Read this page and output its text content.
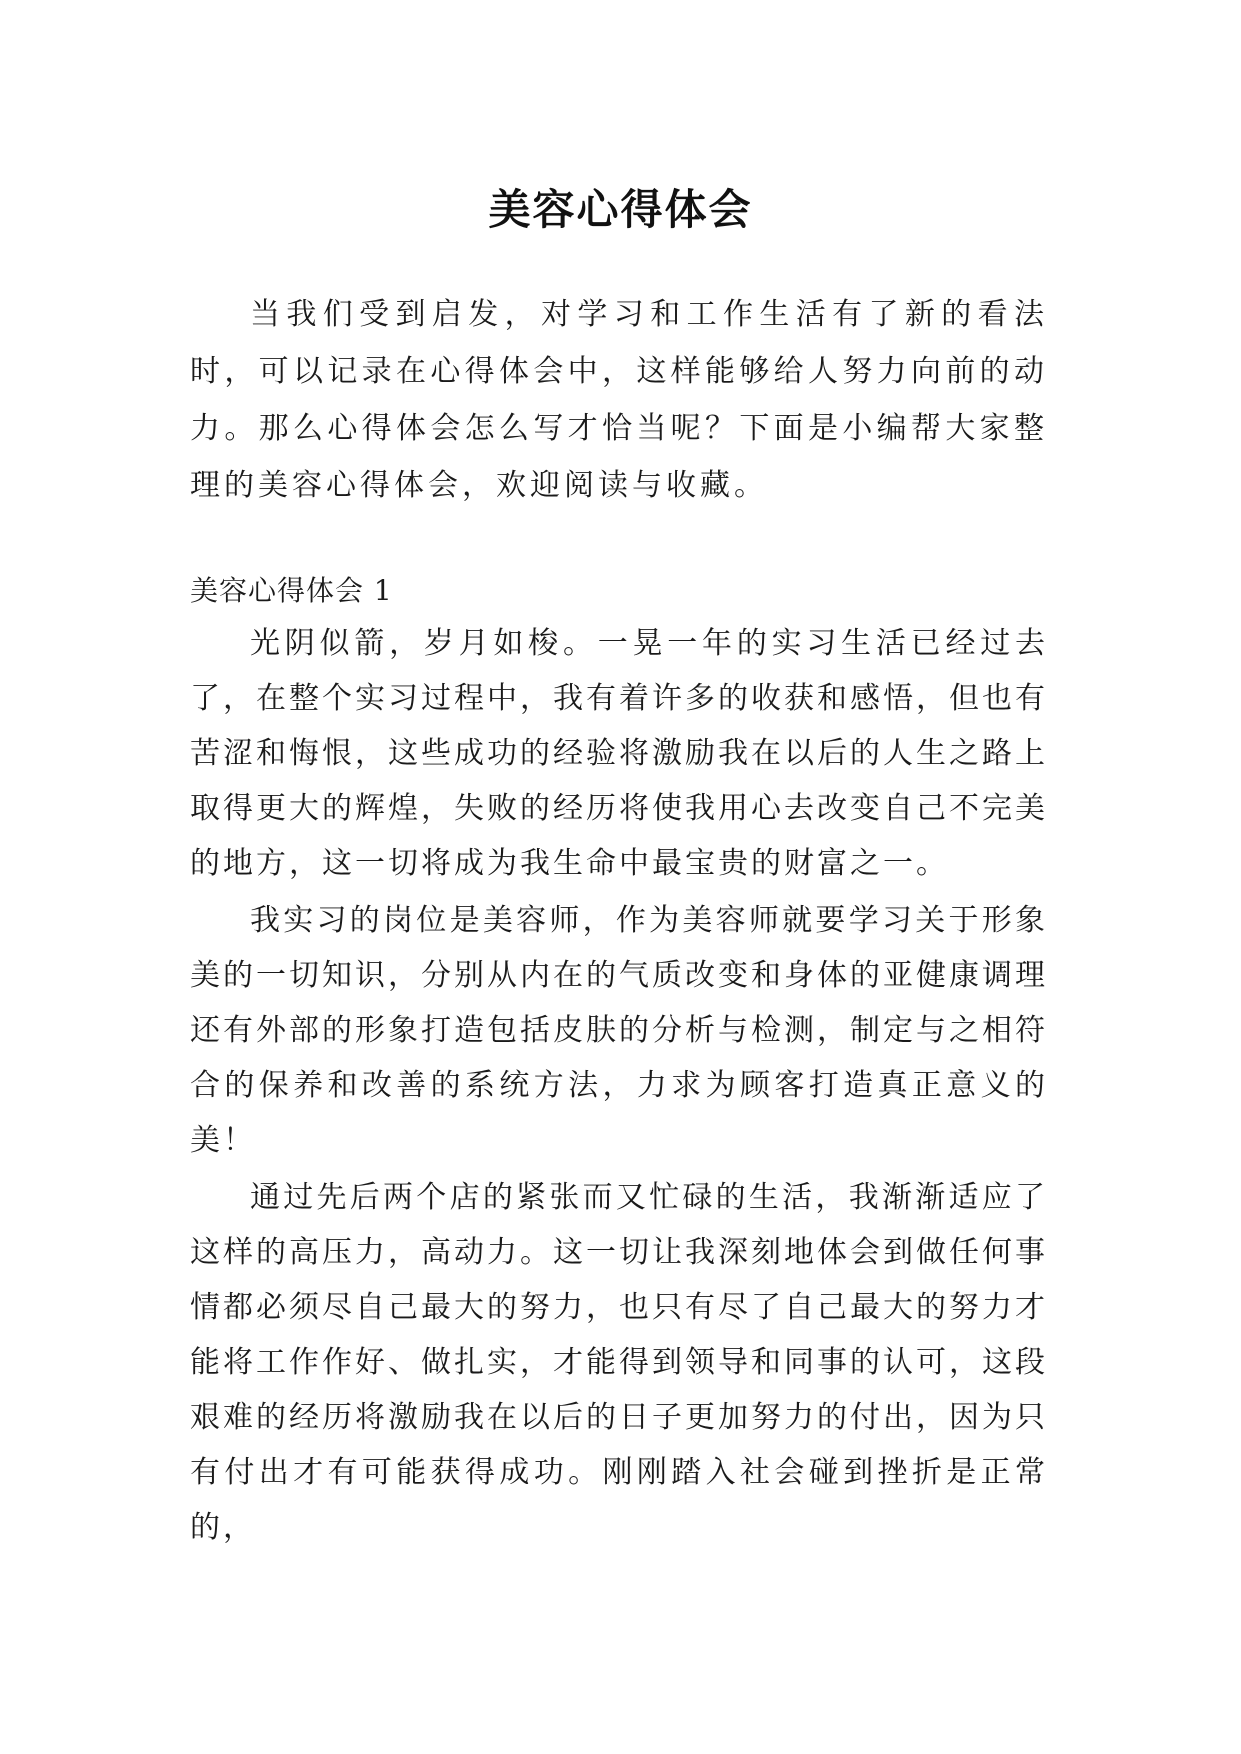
美容心得体会

当我们受到启发，对学习和工作生活有了新的看法时，可以记录在心得体会中，这样能够给人努力向前的动力。那么心得体会怎么写才恰当呢？下面是小编帮大家整理的美容心得体会，欢迎阅读与收藏。

美容心得体会 1

光阴似箭，岁月如梭。一晃一年的实习生活已经过去了，在整个实习过程中，我有着许多的收获和感悟，但也有苦涩和悔恨，这些成功的经验将激励我在以后的人生之路上取得更大的辉煌，失败的经历将使我用心去改变自己不完美的地方，这一切将成为我生命中最宝贵的财富之一。

我实习的岗位是美容师，作为美容师就要学习关于形象美的一切知识，分别从内在的气质改变和身体的亚健康调理还有外部的形象打造包括皮肤的分析与检测，制定与之相符合的保养和改善的系统方法，力求为顾客打造真正意义的美！

通过先后两个店的紧张而又忙碌的生活，我渐渐适应了这样的高压力，高动力。这一切让我深刻地体会到做任何事情都必须尽自己最大的努力，也只有尽了自己最大的努力才能将工作作好、做扎实，才能得到领导和同事的认可，这段艰难的经历将激励我在以后的日子更加努力的付出，因为只有付出才有可能获得成功。刚刚踏入社会碰到挫折是正常的，
